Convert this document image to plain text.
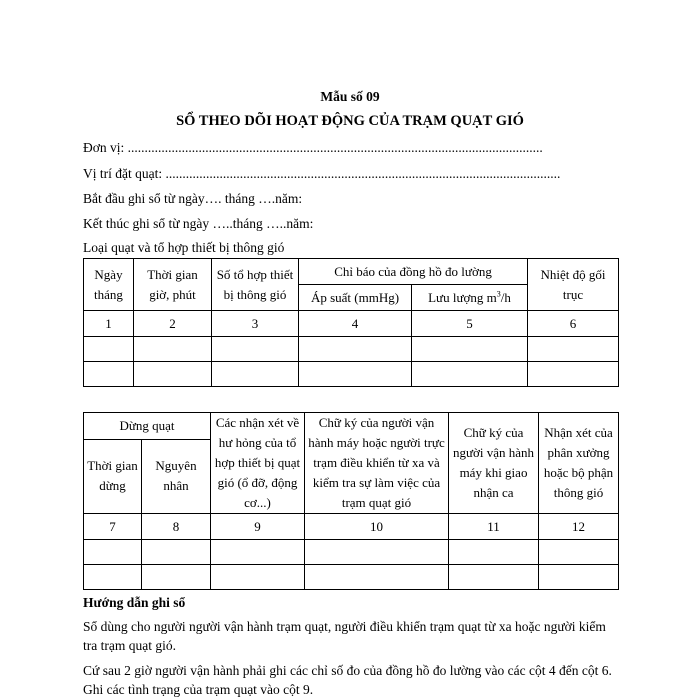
Mẫu số 09
SỔ THEO DÕI HOẠT ĐỘNG CỦA TRẠM QUẠT GIÓ
Đơn vị: ...........................................................................................................................
Vị trí đặt quạt: .....................................................................................................................
Bắt đầu ghi sổ từ ngày…. tháng ….năm:
Kết thúc ghi sổ từ ngày …..tháng …..năm:
Loại quạt và tổ hợp thiết bị thông gió
Ngày tháng	Thời gian giờ, phút	Số tổ hợp thiết bị thông gió	Chỉ báo của đồng hồ đo lường		Nhiệt độ gối trục
			Áp suất (mmHg)	Lưu lượng $m^3/h$	
1	2	3	4	5	6

Dừng quạt		Các nhận xét về hư hỏng của tổ hợp thiết bị quạt gió (ổ đỡ, động cơ...)	Chữ ký của người vận hành máy hoặc người trực trạm điều khiển từ xa và kiểm tra sự làm việc của trạm quạt gió	Chữ ký của người vận hành máy khi giao nhận ca	Nhận xét của phân xưởng hoặc bộ phận thông gió
Thời gian dừng	Nguyên nhân				
7	8	9	10	11	12

Hướng dẫn ghi sổ
Sổ dùng cho người người vận hành trạm quạt, người điều khiển trạm quạt từ xa hoặc người kiểm tra trạm quạt gió.
Cứ sau 2 giờ người vận hành phải ghi các chỉ số đo của đồng hồ đo lường vào các cột 4 đến cột 6. Ghi các tình trạng của trạm quạt vào cột 9.
